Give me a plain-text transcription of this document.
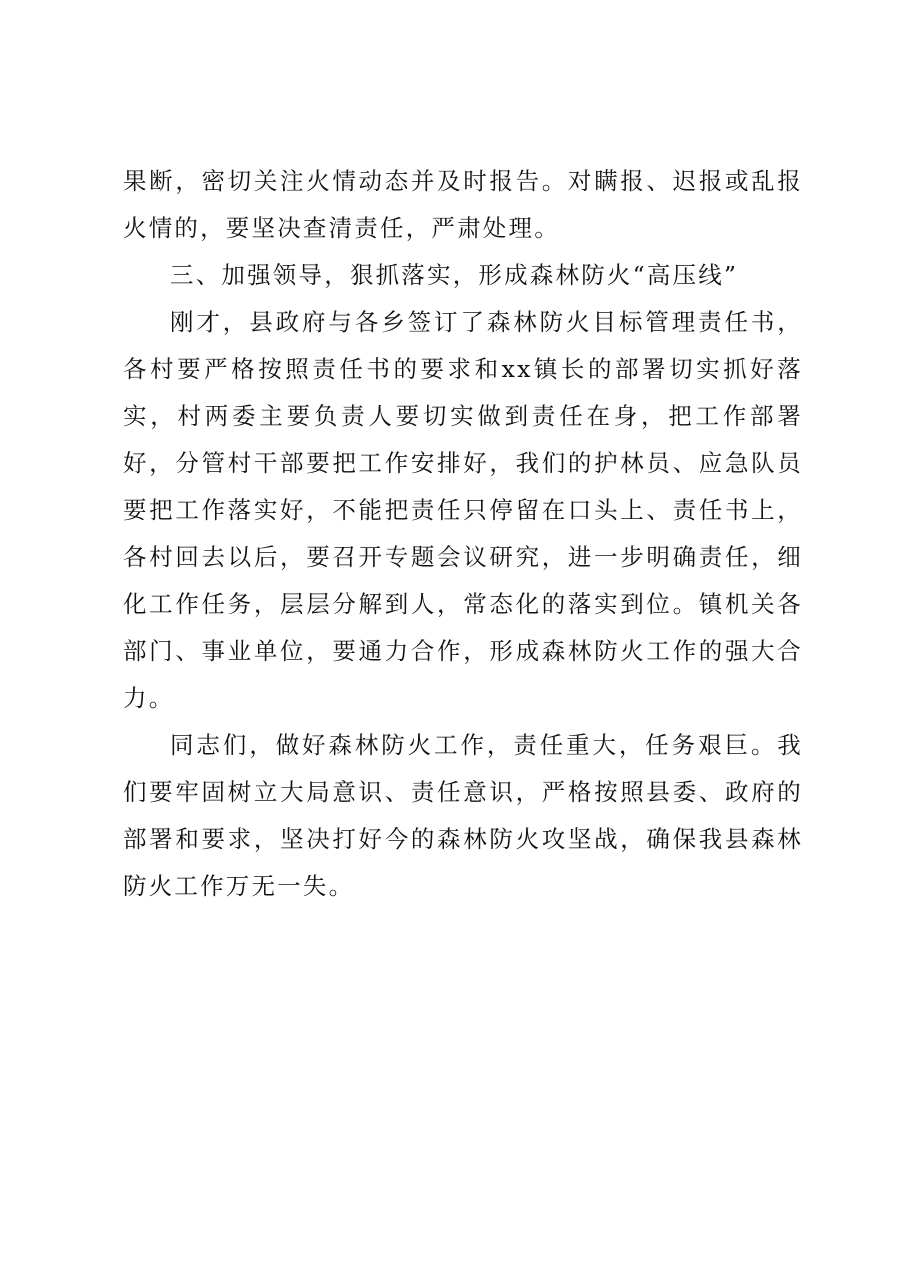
果断，密切关注火情动态并及时报告。对瞒报、迟报或乱报火情的，要坚决查清责任，严肃处理。

三、加强领导，狠抓落实，形成森林防火“高压线”

刚才，县政府与各乡签订了森林防火目标管理责任书，各村要严格按照责任书的要求和xx镇长的部署切实抓好落实，村两委主要负责人要切实做到责任在身，把工作部署好，分管村干部要把工作安排好，我们的护林员、应急队员要把工作落实好，不能把责任只停留在口头上、责任书上，各村回去以后，要召开专题会议研究，进一步明确责任，细化工作任务，层层分解到人，常态化的落实到位。镇机关各部门、事业单位，要通力合作，形成森林防火工作的强大合力。

同志们，做好森林防火工作，责任重大，任务艰巨。我们要牢固树立大局意识、责任意识，严格按照县委、政府的部署和要求，坚决打好今的森林防火攻坚战，确保我县森林防火工作万无一失。
